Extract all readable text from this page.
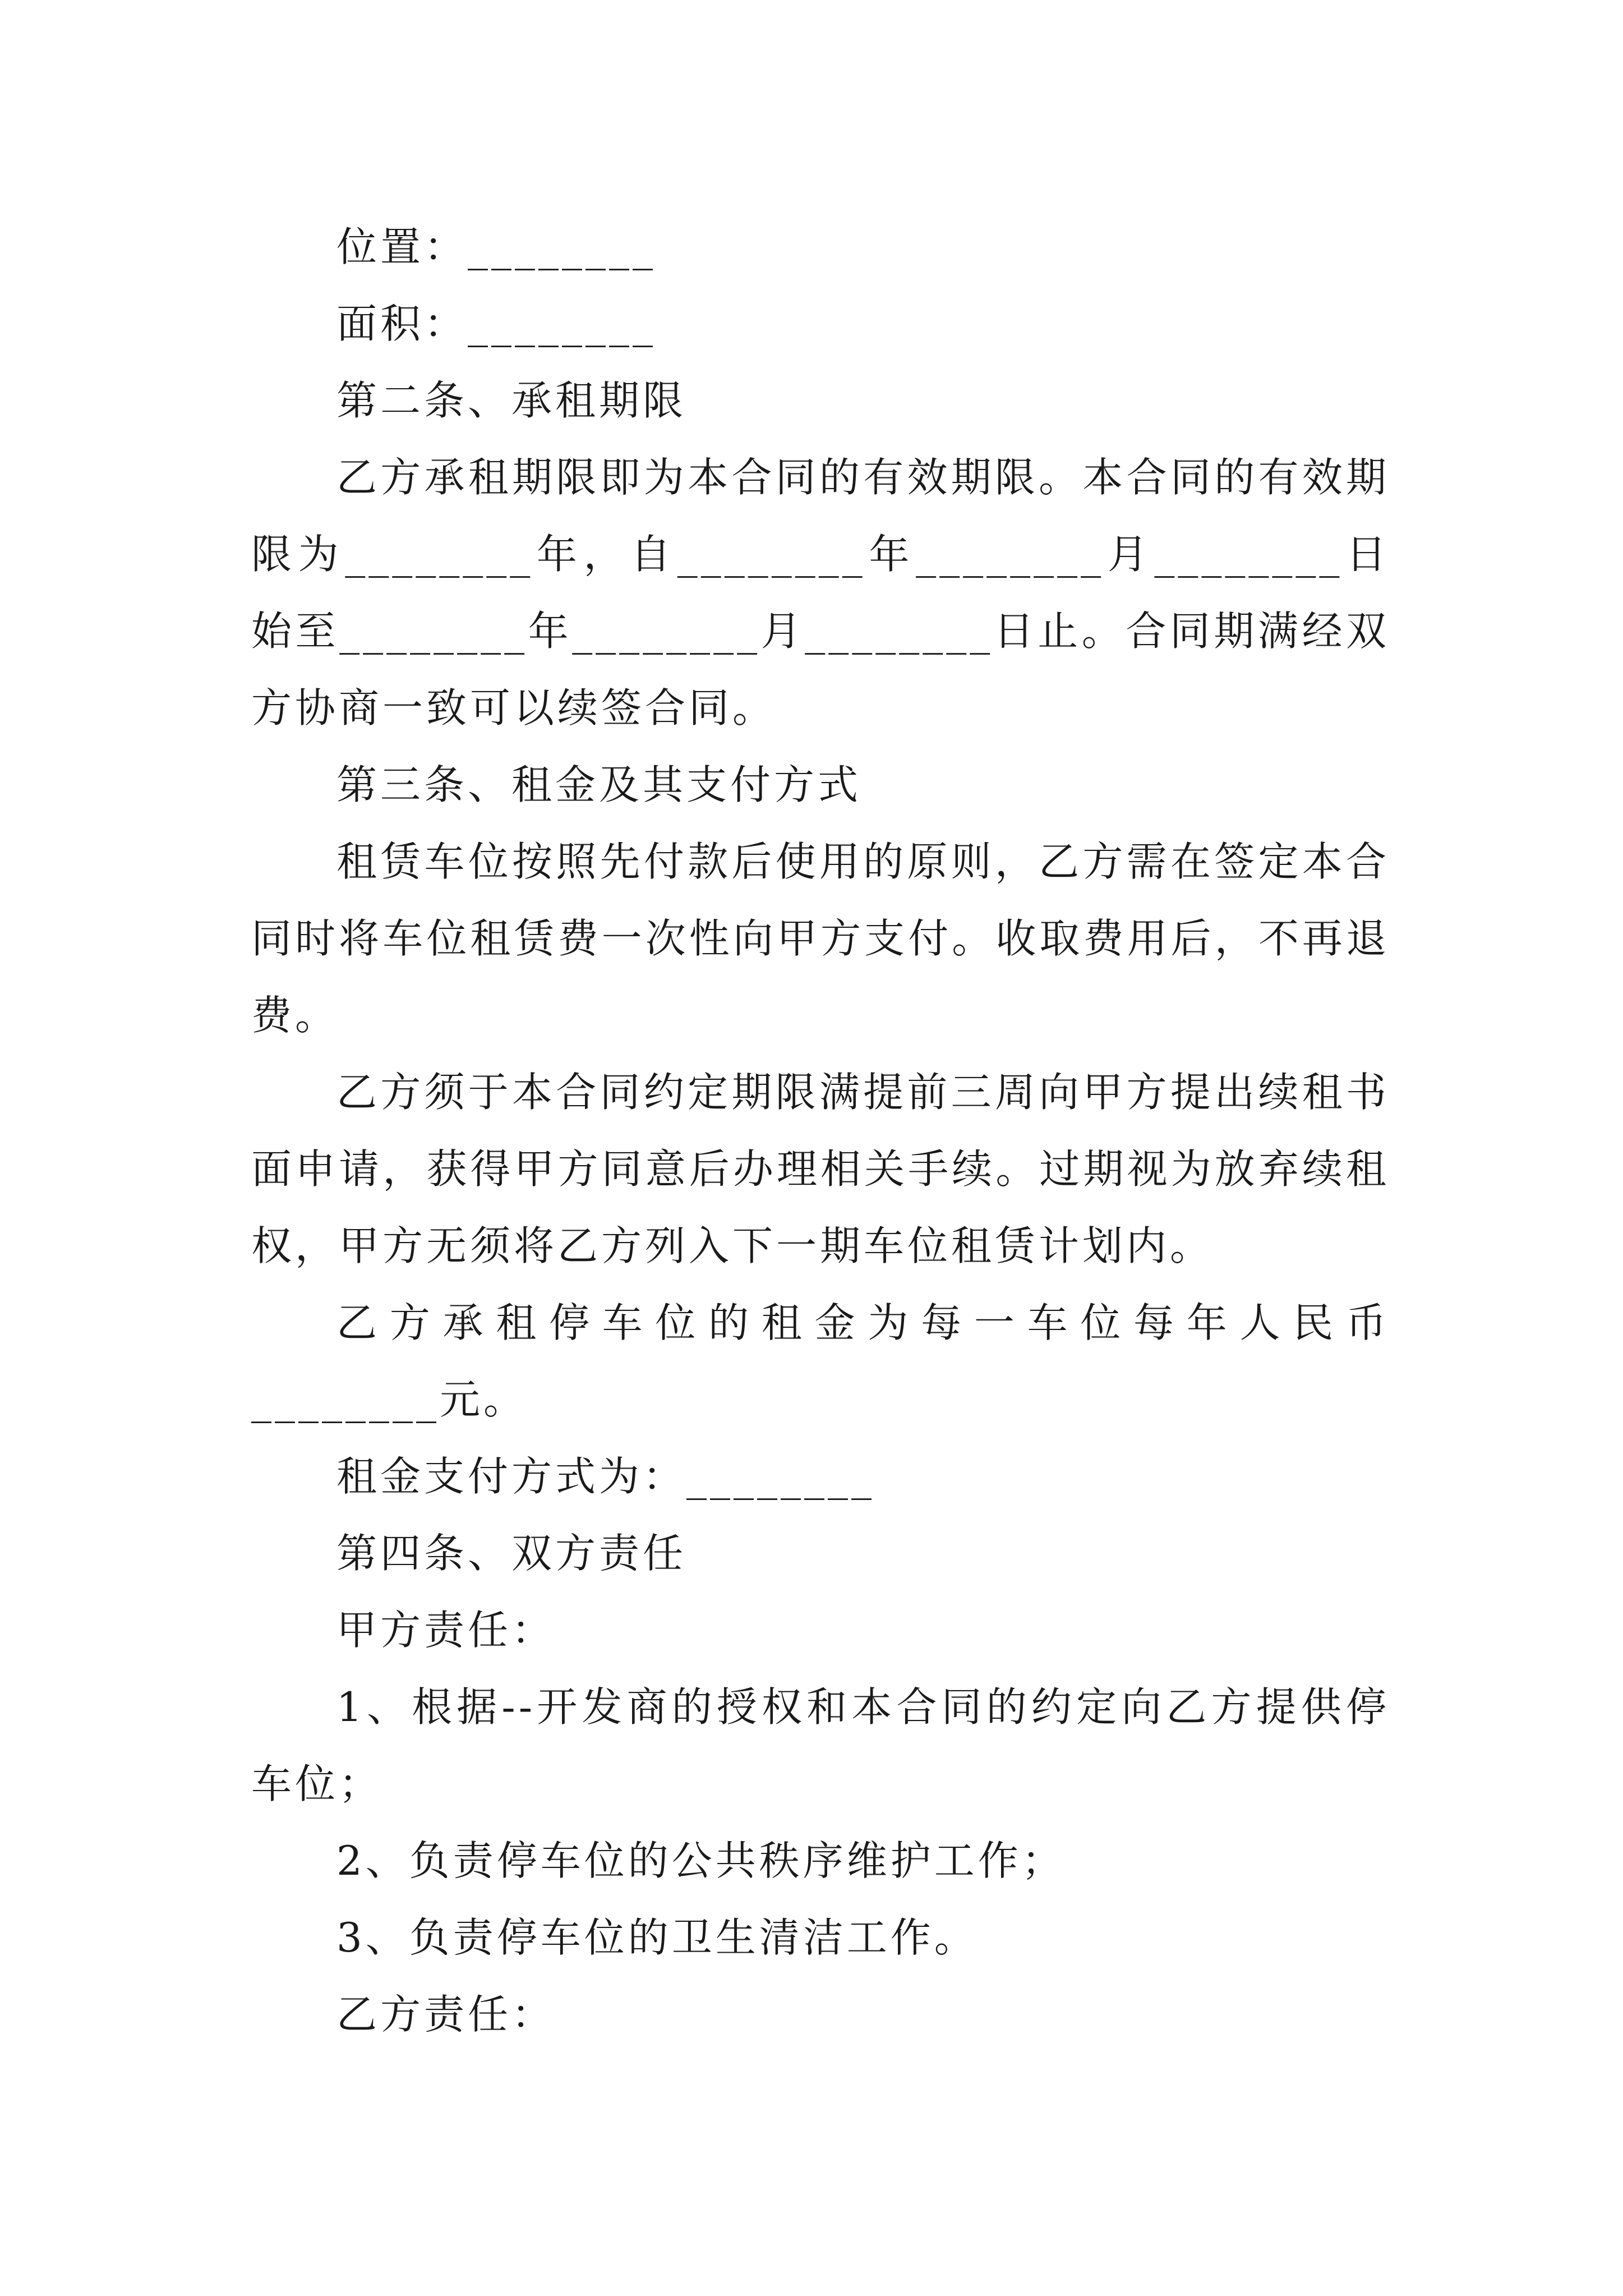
位置：________

面积：________

第二条、承租期限

乙方承租期限即为本合同的有效期限。本合同的有效期限为________年，自________年________月________日始至________年________月________日止。合同期满经双方协商一致可以续签合同。

第三条、租金及其支付方式

租赁车位按照先付款后使用的原则，乙方需在签定本合同时将车位租赁费一次性向甲方支付。收取费用后，不再退费。

乙方须于本合同约定期限满提前三周向甲方提出续租书面申请，获得甲方同意后办理相关手续。过期视为放弃续租权，甲方无须将乙方列入下一期车位租赁计划内。

乙方承租停车位的租金为每一车位每年人民币________元。

租金支付方式为：________

第四条、双方责任

甲方责任：

1、根据--开发商的授权和本合同的约定向乙方提供停车位；

2、负责停车位的公共秩序维护工作；

3、负责停车位的卫生清洁工作。

乙方责任：
